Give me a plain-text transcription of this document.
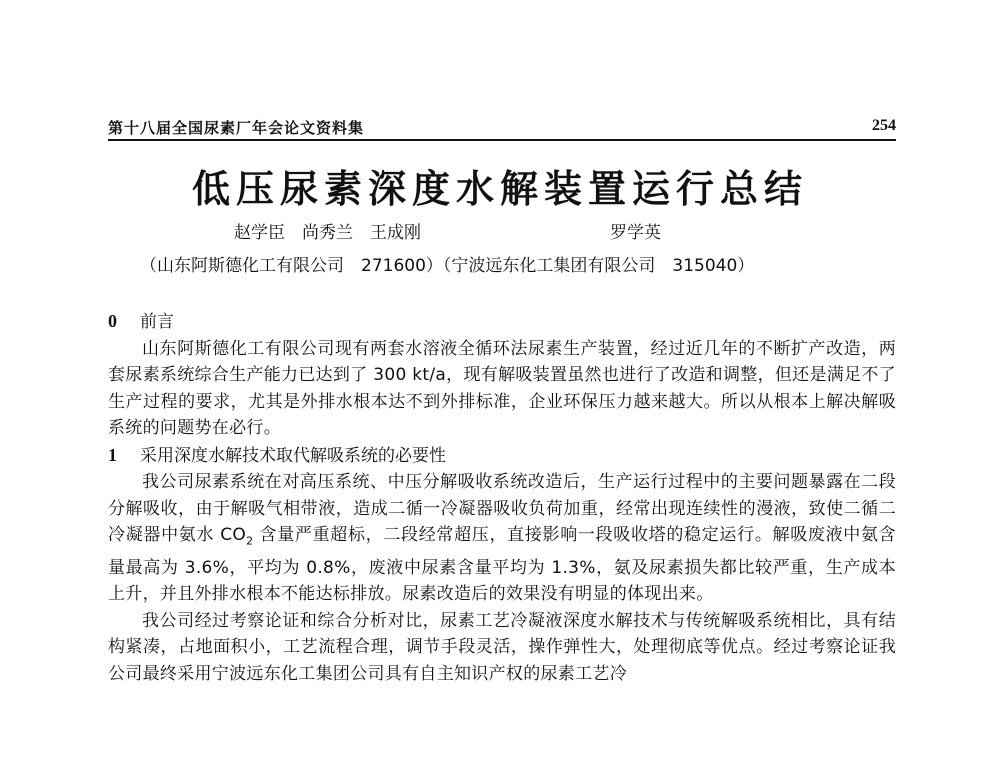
第十八届全国尿素厂年会论文资料集	254
低压尿素深度水解装置运行总结
赵学臣　尚秀兰　王成刚	罗学英
（山东阿斯德化工有限公司　271600）（宁波远东化工集团有限公司　315040）
0	前言

山东阿斯德化工有限公司现有两套水溶液全循环法尿素生产装置，经过近几年的不断扩产改造，两套尿素系统综合生产能力已达到了 300 kt/a，现有解吸装置虽然也进行了改造和调整，但还是满足不了生产过程的要求，尤其是外排水根本达不到外排标准，企业环保压力越来越大。所以从根本上解决解吸系统的问题势在必行。

1	采用深度水解技术取代解吸系统的必要性

我公司尿素系统在对高压系统、中压分解吸收系统改造后，生产运行过程中的主要问题暴露在二段分解吸收，由于解吸气相带液，造成二循一冷凝器吸收负荷加重，经常出现连续性的漫液，致使二循二冷凝器中氨水 $CO_2$ 含量严重超标，二段经常超压，直接影响一段吸收塔的稳定运行。解吸废液中氨含量最高为 3.6%，平均为 0.8%，废液中尿素含量平均为 1.3%，氨及尿素损失都比较严重，生产成本上升，并且外排水根本不能达标排放。尿素改造后的效果没有明显的体现出来。

我公司经过考察论证和综合分析对比，尿素工艺冷凝液深度水解技术与传统解吸系统相比，具有结构紧凑，占地面积小，工艺流程合理，调节手段灵活，操作弹性大，处理彻底等优点。经过考察论证我公司最终采用宁波远东化工集团公司具有自主知识产权的尿素工艺冷
